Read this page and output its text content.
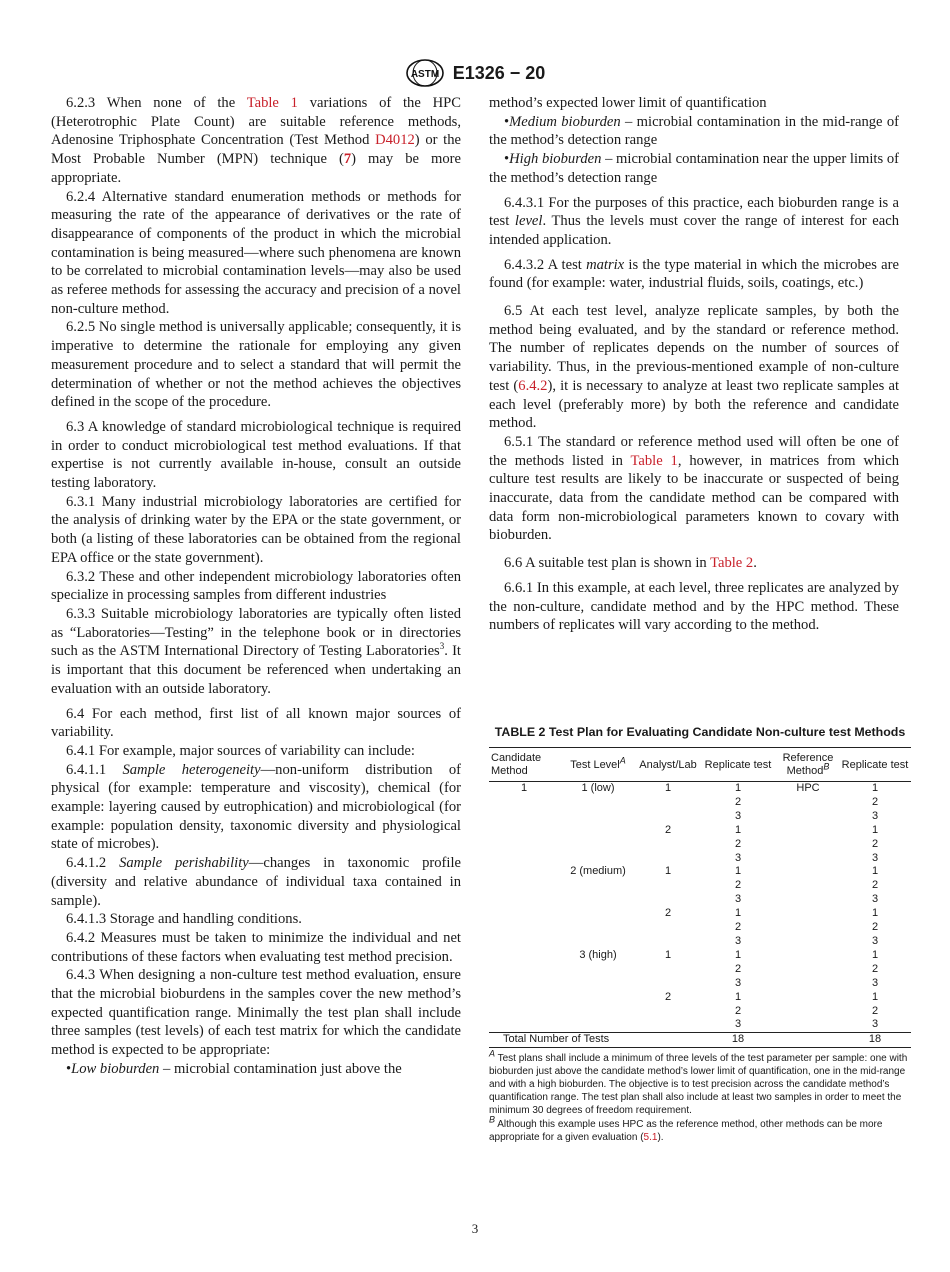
ASTM E1326 − 20

6.2.3 When none of the Table 1 variations of the HPC (Heterotrophic Plate Count) are suitable reference methods, Adenosine Triphosphate Concentration (Test Method D4012) or the Most Probable Number (MPN) technique (7) may be more appropriate.

6.2.4 Alternative standard enumeration methods or methods for measuring the rate of the appearance of derivatives or the rate of disappearance of components of the product in which the microbial contamination is being measured—where such phenomena are known to be correlated to microbial contamination levels—may also be used as referee methods for assessing the accuracy and precision of a novel non-culture method.

6.2.5 No single method is universally applicable; consequently, it is imperative to determine the rationale for employing any given measurement procedure and to select a standard that will permit the determination of whether or not the method achieves the objectives defined in the scope of the procedure.

6.3 A knowledge of standard microbiological technique is required in order to conduct microbiological test method evaluations. If that expertise is not currently available in-house, consult an outside testing laboratory.

6.3.1 Many industrial microbiology laboratories are certified for the analysis of drinking water by the EPA or the state government, or both (a listing of these laboratories can be obtained from the regional EPA office or the state government).

6.3.2 These and other independent microbiology laboratories often specialize in processing samples from different industries

6.3.3 Suitable microbiology laboratories are typically often listed as “Laboratories—Testing” in the telephone book or in directories such as the ASTM International Directory of Testing Laboratories$^3$. It is important that this document be referenced when undertaking an evaluation with an outside laboratory.

6.4 For each method, first list of all known major sources of variability.

6.4.1 For example, major sources of variability can include:

6.4.1.1 Sample heterogeneity—non-uniform distribution of physical (for example: temperature and viscosity), chemical (for example: layering caused by eutrophication) and microbiological (for example: population density, taxonomic diversity and physiological state of microbes).

6.4.1.2 Sample perishability—changes in taxonomic profile (diversity and relative abundance of individual taxa contained in sample).

6.4.1.3 Storage and handling conditions.

6.4.2 Measures must be taken to minimize the individual and net contributions of these factors when evaluating test method precision.

6.4.3 When designing a non-culture test method evaluation, ensure that the microbial bioburdens in the samples cover the new method’s expected quantification range. Minimally the test plan shall include three samples (test levels) of each test matrix for which the candidate method is expected to be appropriate:

•Low bioburden – microbial contamination just above the

method’s expected lower limit of quantification

•Medium bioburden – microbial contamination in the mid-range of the method’s detection range

•High bioburden – microbial contamination near the upper limits of the method’s detection range

6.4.3.1 For the purposes of this practice, each bioburden range is a test level. Thus the levels must cover the range of interest for each intended application.

6.4.3.2 A test matrix is the type material in which the microbes are found (for example: water, industrial fluids, soils, coatings, etc.)

6.5 At each test level, analyze replicate samples, by both the method being evaluated, and by the standard or reference method. The number of replicates depends on the number of sources of variability. Thus, in the previous-mentioned example of non-culture test (6.4.2), it is necessary to analyze at least two replicate samples at each level (preferably more) by both the reference and candidate method.

6.5.1 The standard or reference method used will often be one of the methods listed in Table 1, however, in matrices from which culture test results are likely to be inaccurate or suspected of being inaccurate, data from the candidate method can be compared with data form non-microbiological parameters known to covary with bioburden.

6.6 A suitable test plan is shown in Table 2.

6.6.1 In this example, at each level, three replicates are analyzed by the non-culture, candidate method and by the HPC method. These numbers of replicates will vary according to the method.

TABLE 2 Test Plan for Evaluating Candidate Non-culture test Methods
Candidate Method	Test Level$^A$	Analyst/Lab	Replicate test	Reference Method$^B$	Replicate test
1	1 (low)	1	1	HPC	1
			2		2
			3		3
		2	1		1
			2		2
			3		3
	2 (medium)	1	1		1
			2		2
			3		3
		2	1		1
			2		2
			3		3
	3 (high)	1	1		1
			2		2
			3		3
		2	1		1
			2		2
			3		3
Total Number of Tests			18		18

$^A$ Test plans shall include a minimum of three levels of the test parameter per sample: one with bioburden just above the candidate method’s lower limit of quantification, one in the mid-range and with a high bioburden. The objective is to test precision across the candidate method’s quantification range. The test plan shall also include at least two samples in order to meet the minimum 30 degrees of freedom requirement.

$^B$ Although this example uses HPC as the reference method, other methods can be more appropriate for a given evaluation (5.1).

3
